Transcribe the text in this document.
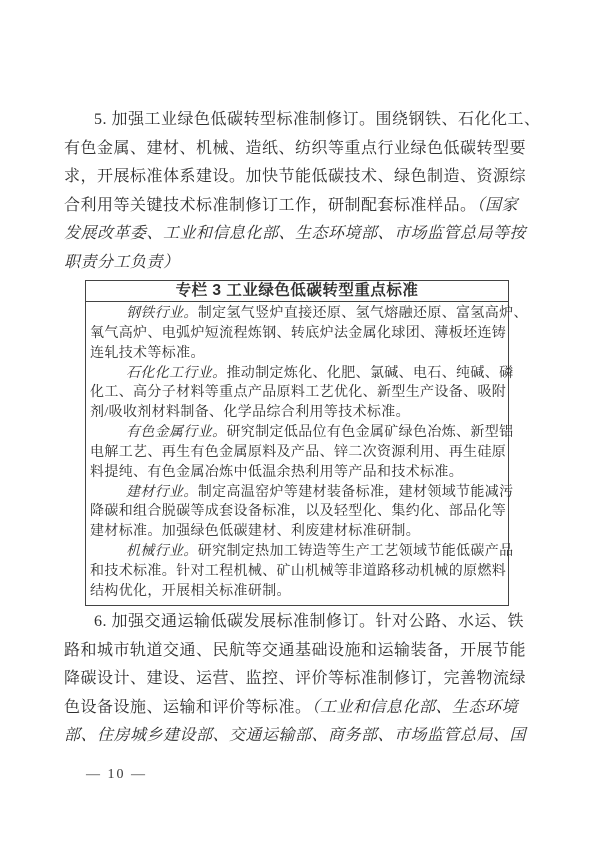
5. 加强工业绿色低碳转型标准制修订。围绕钢铁、石化化工、
有色金属、建材、机械、造纸、纺织等重点行业绿色低碳转型要
求，开展标准体系建设。加快节能低碳技术、绿色制造、资源综
合利用等关键技术标准制修订工作，研制配套标准样品。（国家
发展改革委、工业和信息化部、生态环境部、市场监管总局等按
职责分工负责）
专栏 3 工业绿色低碳转型重点标准
钢铁行业。制定氢气竖炉直接还原、氢气熔融还原、富氢高炉、
氧气高炉、电弧炉短流程炼钢、转底炉法金属化球团、薄板坯连铸
连轧技术等标准。
石化化工行业。推动制定炼化、化肥、氯碱、电石、纯碱、磷
化工、高分子材料等重点产品原料工艺优化、新型生产设备、吸附
剂/吸收剂材料制备、化学品综合利用等技术标准。
有色金属行业。研究制定低品位有色金属矿绿色冶炼、新型铝
电解工艺、再生有色金属原料及产品、锌二次资源利用、再生硅原
料提纯、有色金属冶炼中低温余热利用等产品和技术标准。
建材行业。制定高温窑炉等建材装备标准，建材领域节能减污
降碳和组合脱碳等成套设备标准，以及轻型化、集约化、部品化等
建材标准。加强绿色低碳建材、利废建材标准研制。
机械行业。研究制定热加工铸造等生产工艺领域节能低碳产品
和技术标准。针对工程机械、矿山机械等非道路移动机械的原燃料
结构优化，开展相关标准研制。
6. 加强交通运输低碳发展标准制修订。针对公路、水运、铁
路和城市轨道交通、民航等交通基础设施和运输装备，开展节能
降碳设计、建设、运营、监控、评价等标准制修订，完善物流绿
色设备设施、运输和评价等标准。（工业和信息化部、生态环境
部、住房城乡建设部、交通运输部、商务部、市场监管总局、国
— 10 —
